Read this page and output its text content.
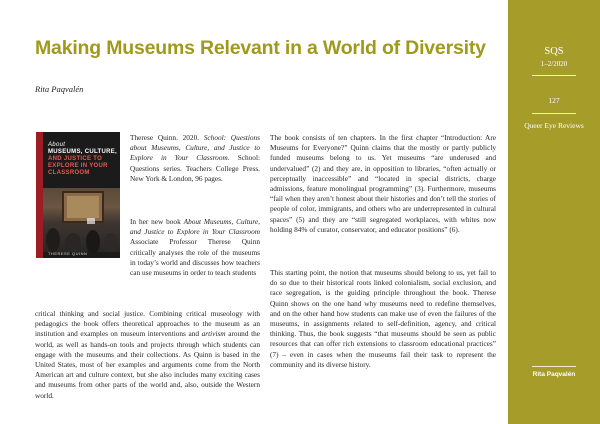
Making Museums Relevant in a World of Diversity
Rita Paqvalén
SQS
1–2/2020
127
Queer Eye Reviews
Rita Paqvalén
About
MUSEUMS, CULTURE,
AND JUSTICE TO
EXPLORE IN YOUR
CLASSROOM
THERESE QUINN

Therese Quinn. 2020. School: Questions about Museums, Culture, and Justice to Explore in Your Classroom. School: Questions series. Teachers College Press. New York & London, 96 pages.

In her new book About Museums, Culture, and Justice to Explore in Your Classroom Associate Professor Therese Quinn critically analyses the role of the museums in today’s world and discusses how teachers can use museums in order to teach students

critical thinking and social justice. Combining critical museology with pedagogics the book offers theoretical approaches to the museum as an institution and examples on museum interventions and artivism around the world, as well as hands-on tools and projects through which students can engage with the museums and their collections. As Quinn is based in the United States, most of her examples and arguments come from the North American art and culture context, but she also includes many exciting cases and museums from other parts of the world and, also, outside the Western world.

The book consists of ten chapters. In the first chapter “Introduction: Are Museums for Everyone?” Quinn claims that the mostly or partly publicly funded museums belong to us. Yet museums “are underused and undervalued” (2) and they are, in opposition to libraries, “often actually or perceptually inaccessible” and “located in special districts, charge admissions, feature monolingual programming” (3). Furthermore, museums “fail when they aren’t honest about their histories and don’t tell the stories of people of color, immigrants, and others who are underrepresented in cultural spaces” (5) and they are “still segregated workplaces, with whites now holding 84% of curator, conservator, and educator positions” (6).

This starting point, the notion that museums should belong to us, yet fail to do so due to their historical roots linked colonialism, social exclusion, and race segregation, is the guiding principle throughout the book. Therese Quinn shows on the one hand why museums need to redefine themselves, and on the other hand how students can make use of even the failures of the museums, in assignments related to self-definition, agency, and critical thinking. Thus, the book suggests “that museums should be seen as public resources that can offer rich extensions to classroom educational practices” (7) – even in cases when the museums fail their task to represent the community and its diverse history.
